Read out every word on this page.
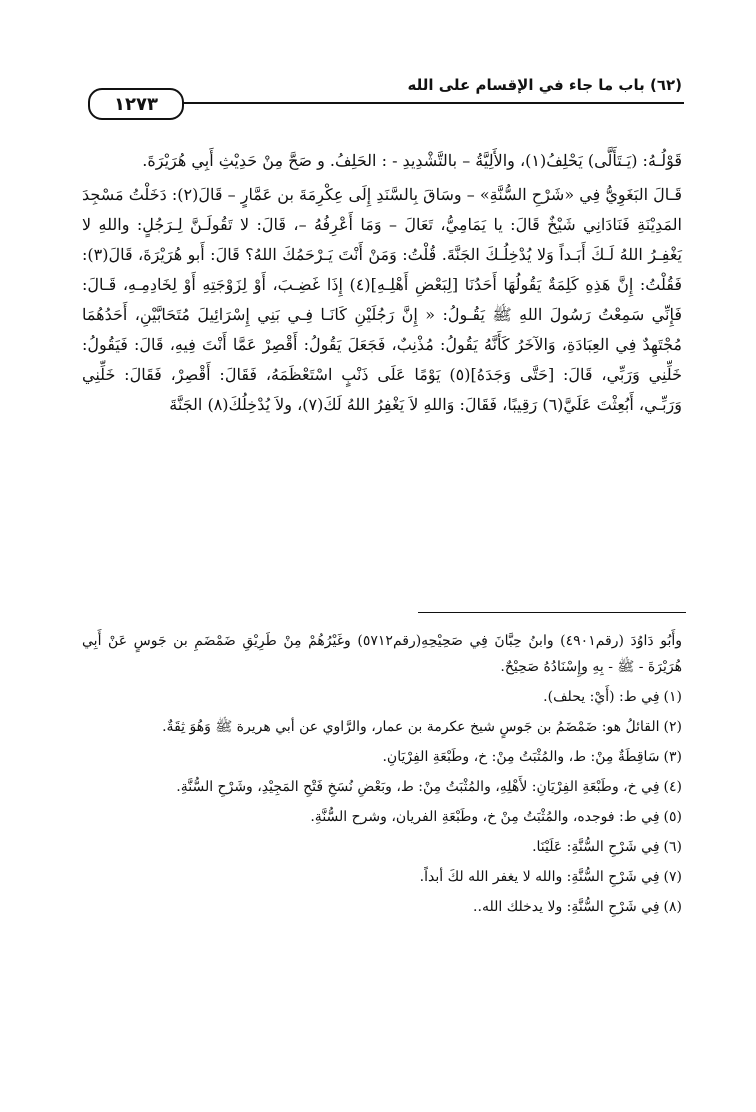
(٦٢) باب ما جاء في الإقسام على الله
١٢٧٣

قَوْلُـهُ: (يَـتَأَلَّى) يَحْلِفُ(١)، والأَلِيَّةُ – بالتَّشْدِيدِ - : الحَلِفُ. و صَحَّ مِنْ حَدِيْثِ أَبِي هُرَيْرَةَ.

قَـالَ البَغَوِيُّ فِي «شَرْحِ السُّنَّةِ» – وسَاقَ بِالسَّنَدِ إِلَى عِكْرِمَةَ بن عَمَّارٍ – قَالَ(٢): دَخَلْتُ مَسْجِدَ المَدِيْنَةِ فَنَادَانِي شَيْخٌ قَالَ: يا يَمَامِيُّ، تَعَالَ – وَمَا أَعْرِفُهُ –، قَالَ: لا تَقُولَـنَّ لِـرَجُلٍ: واللهِ لا يَغْفِـرُ اللهُ لَـكَ أَبَـداً وَلا يُدْخِلُـكَ الجَنَّةَ. قُلْتُ: وَمَنْ أَنْتَ يَـرْحَمُكَ اللهُ؟ قَالَ: أَبو هُرَيْرَةَ، قَالَ(٣): فَقُلْتُ: إِنَّ هَذِهِ كَلِمَةٌ يَقُولُهَا أَحَدُنَا [لِبَعْضِ أَهْلِـهِ](٤) إِذَا غَضِـبَ، أَوْ لِزَوْجَتِهِ أَوْ لِخَادِمِـهِ، قَـالَ: فَإِنِّي سَمِعْتُ رَسُولَ اللهِ ﷺ يَقُـولُ: « إِنَّ رَجُلَيْنِ كَانَـا فِـي بَنِي إِسْرَائِيلَ مُتَحَابَّيْنِ، أَحَدُهُمَا مُجْتَهِدٌ فِي العِبَادَةِ، وَالآخَرُ كَأَنَّهُ يَقُولُ: مُذْنِبٌ، فَجَعَلَ يَقُولُ: أَقْصِرْ عَمَّا أَنْتَ فِيهِ، قَالَ: فَيَقُولُ: خَلِّنِي وَرَبِّي، قَالَ: [حَتَّى وَجَدَهُ](٥) يَوْمًا عَلَى ذَنْبٍ اسْتَعْظَمَهُ، فَقَالَ: أَقْصِرْ، فَقَالَ: خَلِّنِي وَرَبِّـي، أَبُعِثْتَ عَلَيَّ(٦) رَقِيبًا، فَقَالَ: وَاللهِ لاَ يَغْفِرُ اللهُ لَكَ(٧)، ولاَ يُدْخِلُكَ(٨) الجَنَّةَ

وأَبُو دَاوُدَ (رقم٤٩٠١) وابنُ حِبَّانَ فِي صَحِيْحِهِ(رقم٥٧١٢) وغَيْرُهُمْ مِنْ طَرِيْقِ ضَمْضَمِ بن جَوسٍ عَنْ أَبِي هُرَيْرَةَ - ﷺ - بِهِ وإِسْنَادُهُ صَحِيْحٌ.

(١)فِي ط: (أَيْ: يحلف).
(٢)القائلُ هو: ضَمْضَمُ بن جَوسٍ شيخ عكرمة بن عمار، والرَّاوي عن أبي هريرة ﷺ وَهُوَ ثِقَةٌ.
(٣)سَاقِطَةٌ مِنْ: ط، والمُثْبَتُ مِنْ: خ، وطَبْعَةِ الفِرْيَانِ.
(٤)فِي خ، وطَبْعَةِ الفِرْيَانِ: لأَهْلِهِ، والمُثْبَتُ مِنْ: ط، وبَعْضِ نُسَخِ فَتْحِ المَجِيْدِ، وشَرْحِ السُّنَّةِ.
(٥)فِي ط: فوجده، والمُثْبَتُ مِنْ خ، وطَبْعَةِ الفريان، وشرح السُّنَّةِ.
(٦)فِي شَرْحِ السُّنَّةِ: عَلَيْنَا.
(٧)فِي شَرْحِ السُّنَّةِ: والله لا يغفر الله لكَ أبداً.
(٨)فِي شَرْحِ السُّنَّةِ: ولا يدخلك الله..
